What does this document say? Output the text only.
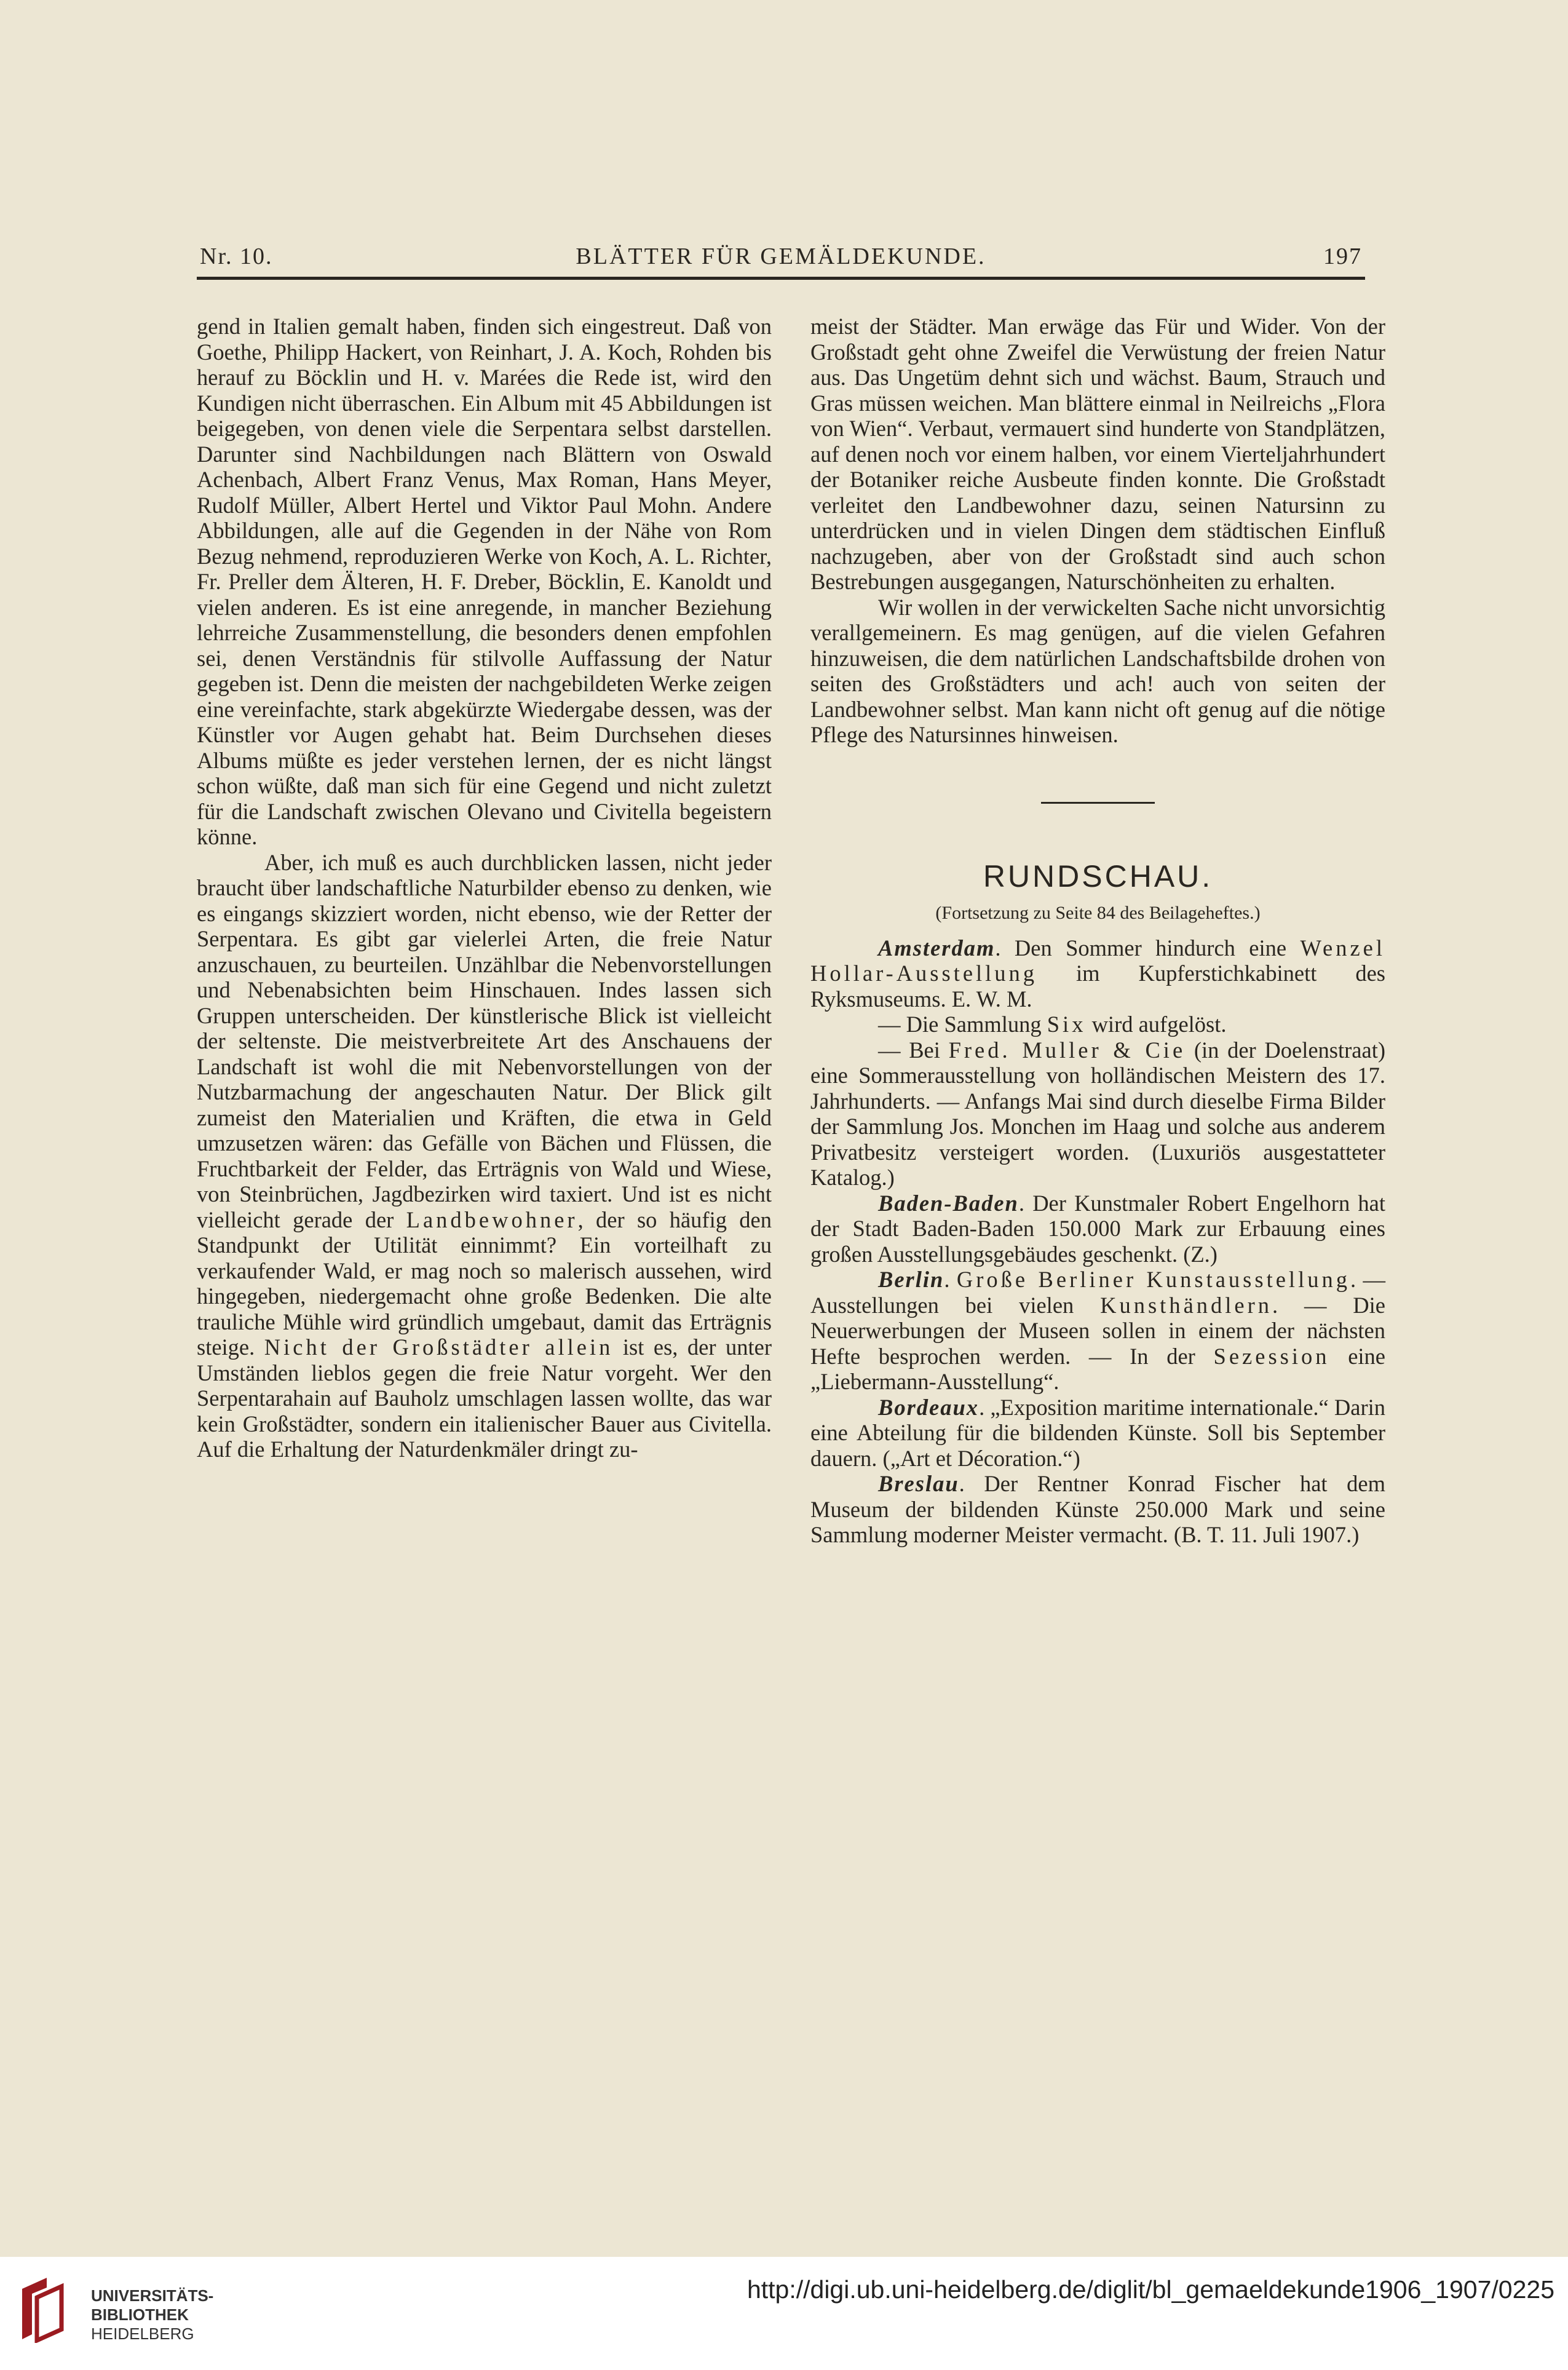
Nr. 10.	BLÄTTER FÜR GEMÄLDEKUNDE.	197

gend in Italien gemalt haben, finden sich eingestreut. Daß von Goethe, Philipp Hackert, von Reinhart, J. A. Koch, Rohden bis herauf zu Böcklin und H. v. Marées die Rede ist, wird den Kundigen nicht überraschen. Ein Album mit 45 Abbildungen ist beigegeben, von denen viele die Serpentara selbst darstellen. Darunter sind Nachbildungen nach Blättern von Oswald Achenbach, Albert Franz Venus, Max Roman, Hans Meyer, Rudolf Müller, Albert Hertel und Viktor Paul Mohn. Andere Abbildungen, alle auf die Gegenden in der Nähe von Rom Bezug nehmend, reproduzieren Werke von Koch, A. L. Richter, Fr. Preller dem Älteren, H. F. Dreber, Böcklin, E. Kanoldt und vielen anderen. Es ist eine anregende, in mancher Beziehung lehrreiche Zusammenstellung, die besonders denen empfohlen sei, denen Verständnis für stilvolle Auffassung der Natur gegeben ist. Denn die meisten der nachgebildeten Werke zeigen eine vereinfachte, stark abgekürzte Wiedergabe dessen, was der Künstler vor Augen gehabt hat. Beim Durchsehen dieses Albums müßte es jeder verstehen lernen, der es nicht längst schon wüßte, daß man sich für eine Gegend und nicht zuletzt für die Landschaft zwischen Olevano und Civitella begeistern könne.

Aber, ich muß es auch durchblicken lassen, nicht jeder braucht über landschaftliche Naturbilder ebenso zu denken, wie es eingangs skizziert worden, nicht ebenso, wie der Retter der Serpentara. Es gibt gar vielerlei Arten, die freie Natur anzuschauen, zu beurteilen. Unzählbar die Nebenvorstellungen und Nebenabsichten beim Hinschauen. Indes lassen sich Gruppen unterscheiden. Der künstlerische Blick ist vielleicht der seltenste. Die meistverbreitete Art des Anschauens der Landschaft ist wohl die mit Nebenvorstellungen von der Nutzbarmachung der angeschauten Natur. Der Blick gilt zumeist den Materialien und Kräften, die etwa in Geld umzusetzen wären: das Gefälle von Bächen und Flüssen, die Fruchtbarkeit der Felder, das Erträgnis von Wald und Wiese, von Steinbrüchen, Jagdbezirken wird taxiert. Und ist es nicht vielleicht gerade der Landbewohner, der so häufig den Standpunkt der Utilität einnimmt? Ein vorteilhaft zu verkaufender Wald, er mag noch so malerisch aussehen, wird hingegeben, niedergemacht ohne große Bedenken. Die alte trauliche Mühle wird gründlich umgebaut, damit das Erträgnis steige. Nicht der Großstädter allein ist es, der unter Umständen lieblos gegen die freie Natur vorgeht. Wer den Serpentarahain auf Bauholz umschlagen lassen wollte, das war kein Großstädter, sondern ein italienischer Bauer aus Civitella. Auf die Erhaltung der Naturdenkmäler dringt zu-

meist der Städter. Man erwäge das Für und Wider. Von der Großstadt geht ohne Zweifel die Verwüstung der freien Natur aus. Das Ungetüm dehnt sich und wächst. Baum, Strauch und Gras müssen weichen. Man blättere einmal in Neilreichs „Flora von Wien“. Verbaut, vermauert sind hunderte von Standplätzen, auf denen noch vor einem halben, vor einem Vierteljahrhundert der Botaniker reiche Ausbeute finden konnte. Die Großstadt verleitet den Landbewohner dazu, seinen Natursinn zu unterdrücken und in vielen Dingen dem städtischen Einfluß nachzugeben, aber von der Großstadt sind auch schon Bestrebungen ausgegangen, Naturschönheiten zu erhalten.

Wir wollen in der verwickelten Sache nicht unvorsichtig verallgemeinern. Es mag genügen, auf die vielen Gefahren hinzuweisen, die dem natürlichen Landschaftsbilde drohen von seiten des Großstädters und ach! auch von seiten der Landbewohner selbst. Man kann nicht oft genug auf die nötige Pflege des Natursinnes hinweisen.

RUNDSCHAU.
(Fortsetzung zu Seite 84 des Beilageheftes.)

Amsterdam. Den Sommer hindurch eine Wenzel Hollar-Ausstellung im Kupferstichkabinett des Ryksmuseums. E. W. M.

— Die Sammlung Six wird aufgelöst.

— Bei Fred. Muller & Cie (in der Doelenstraat) eine Sommerausstellung von holländischen Meistern des 17. Jahrhunderts. — Anfangs Mai sind durch dieselbe Firma Bilder der Sammlung Jos. Monchen im Haag und solche aus anderem Privatbesitz versteigert worden. (Luxuriös ausgestatteter Katalog.)

Baden-Baden. Der Kunstmaler Robert Engelhorn hat der Stadt Baden-Baden 150.000 Mark zur Erbauung eines großen Ausstellungsgebäudes geschenkt. (Z.)

Berlin. Große Berliner Kunstausstellung. — Ausstellungen bei vielen Kunsthändlern. — Die Neuerwerbungen der Museen sollen in einem der nächsten Hefte besprochen werden. — In der Sezession eine „Liebermann-Ausstellung“.

Bordeaux. „Exposition maritime internationale.“ Darin eine Abteilung für die bildenden Künste. Soll bis September dauern. („Art et Décoration.“)

Breslau. Der Rentner Konrad Fischer hat dem Museum der bildenden Künste 250.000 Mark und seine Sammlung moderner Meister vermacht. (B. T. 11. Juli 1907.)

UNIVERSITÄTS-
BIBLIOTHEK
HEIDELBERG
http://digi.ub.uni-heidelberg.de/diglit/bl_gemaeldekunde1906_1907/0225
